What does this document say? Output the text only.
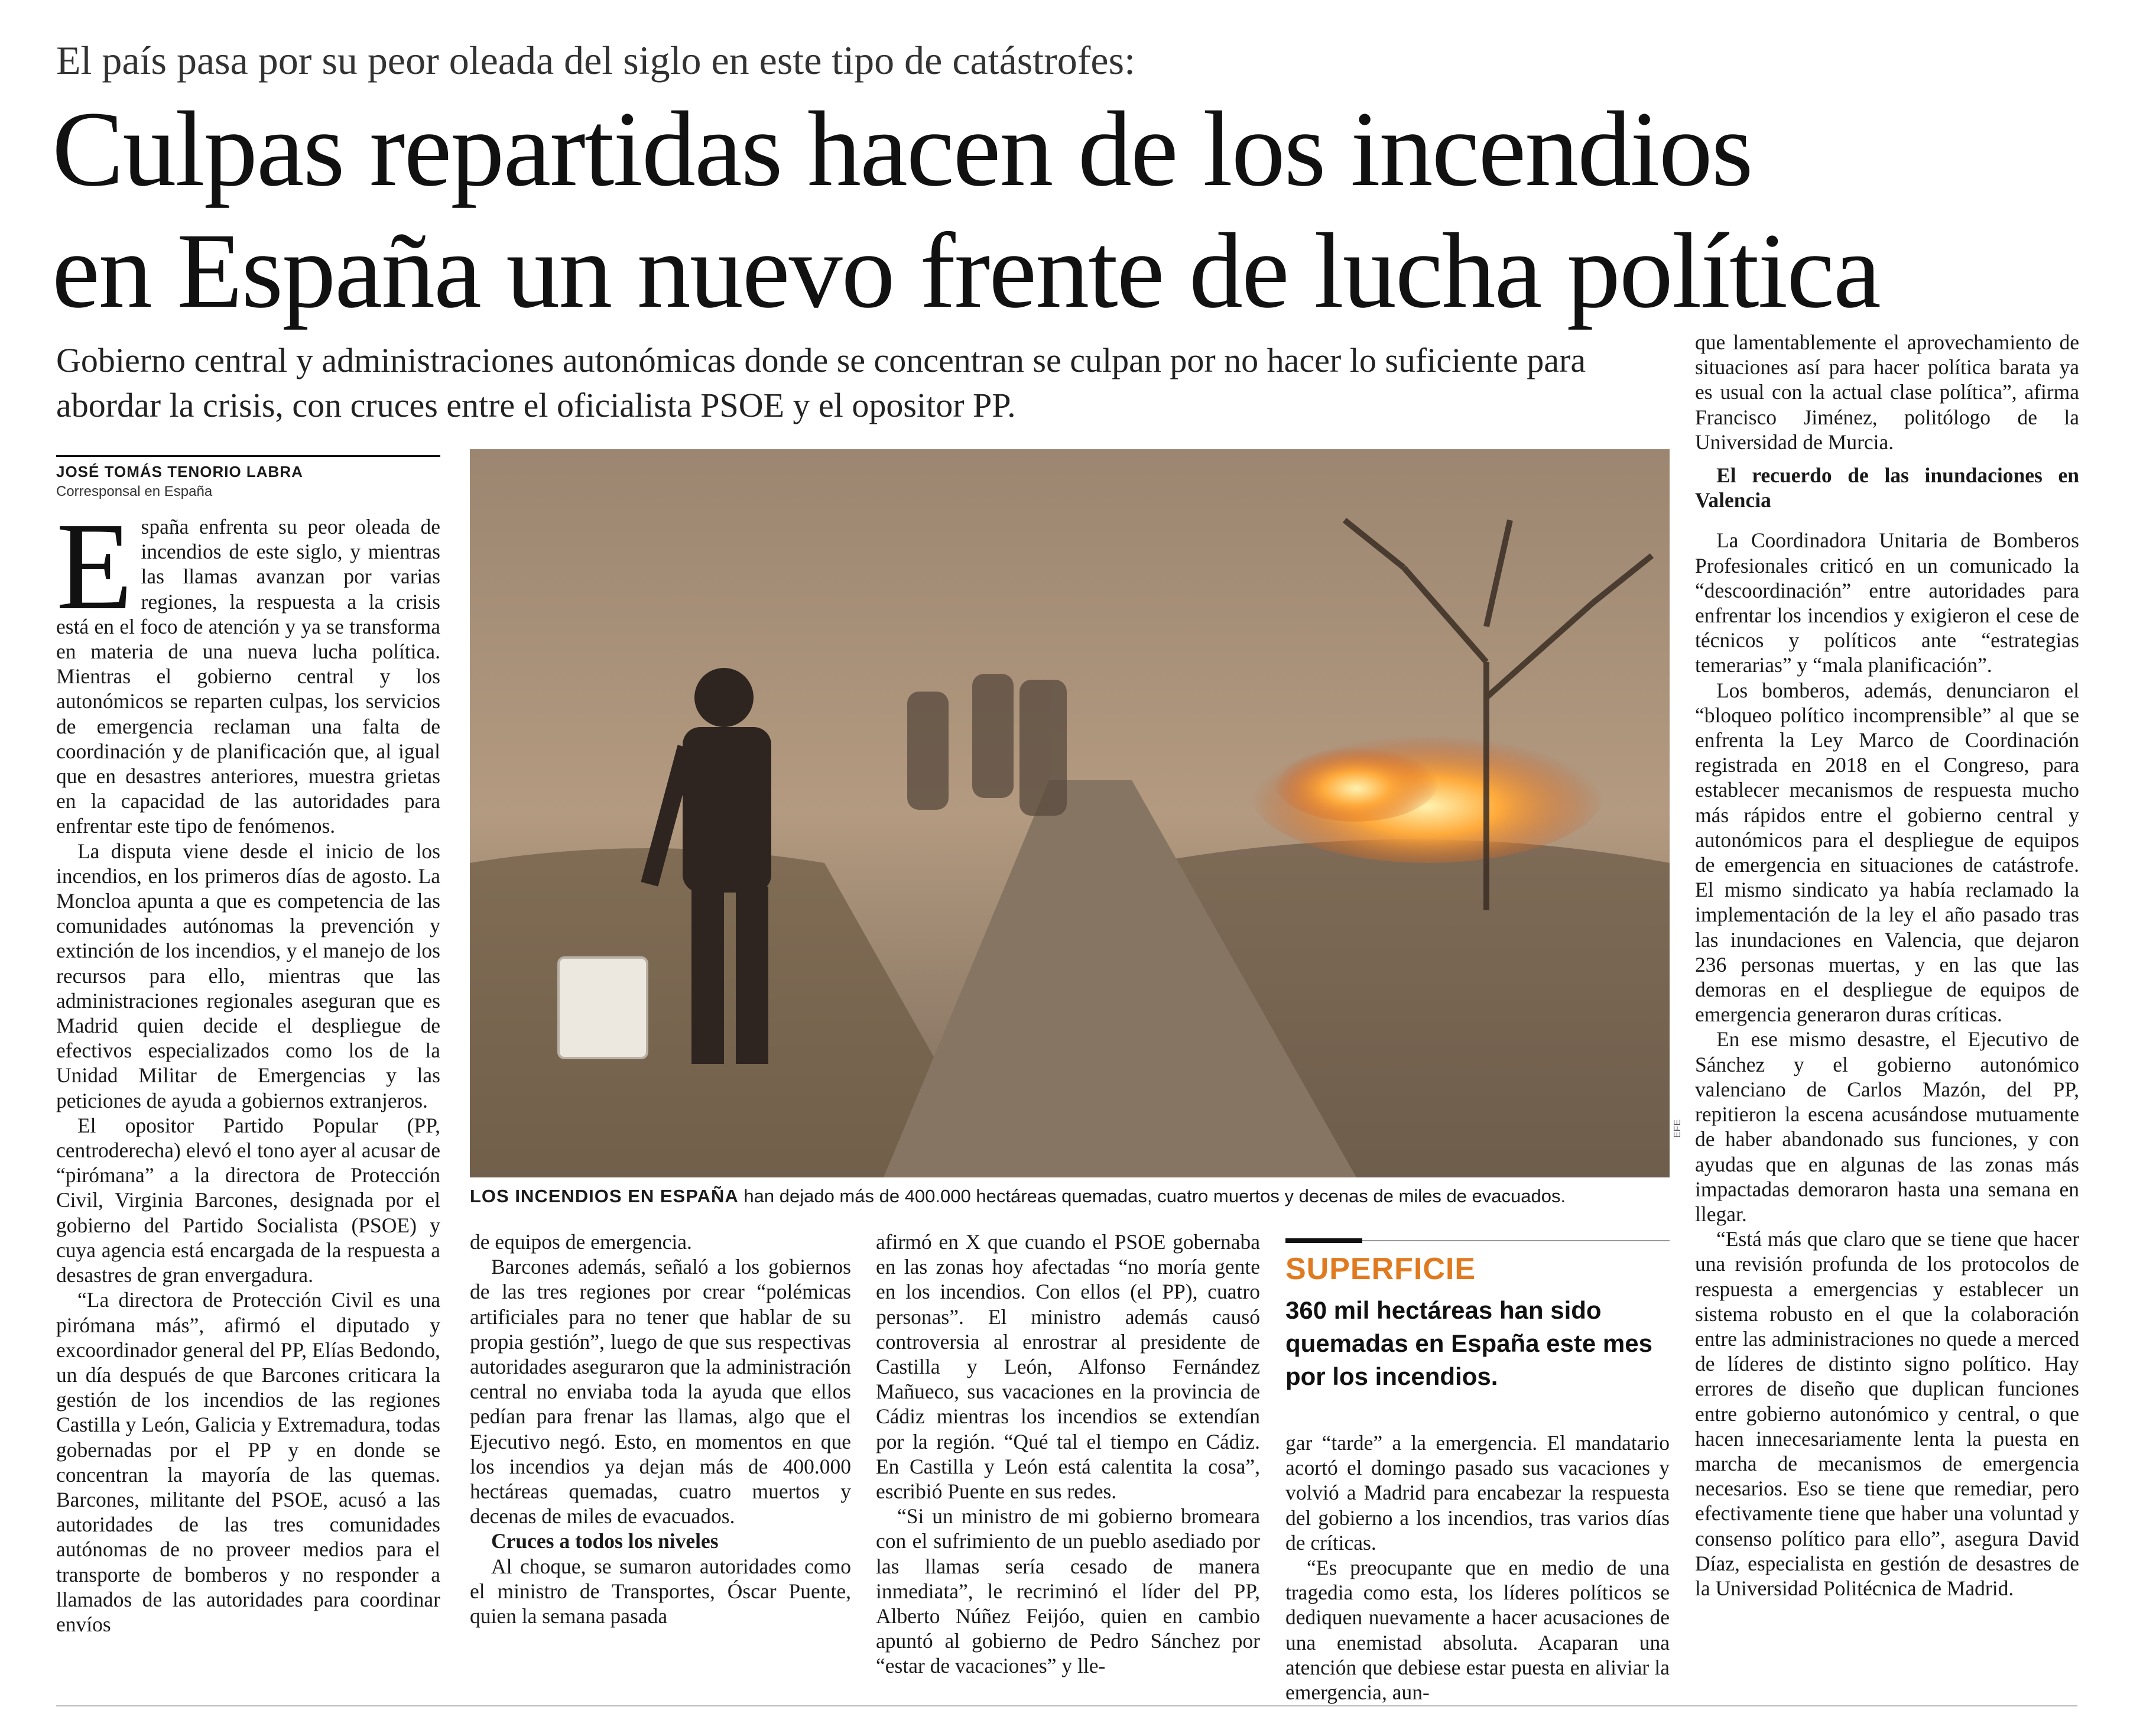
El país pasa por su peor oleada del siglo en este tipo de catástrofes:
Culpas repartidas hacen de los incendios
en España un nuevo frente de lucha política
Gobierno central y administraciones autonómicas donde se concentran se culpan por no hacer lo suficiente para abordar la crisis, con cruces entre el oficialista PSOE y el opositor PP.
JOSÉ TOMÁS TENORIO LABRA
Corresponsal en España

España enfrenta su peor oleada de incendios de este siglo, y mientras las llamas avanzan por varias regiones, la respuesta a la crisis está en el foco de atención y ya se transforma en materia de una nueva lucha política. Mientras el gobierno central y los autonómicos se reparten culpas, los servicios de emergencia reclaman una falta de coordinación y de planificación que, al igual que en desastres anteriores, muestra grietas en la capacidad de las autoridades para enfrentar este tipo de fenómenos.

La disputa viene desde el inicio de los incendios, en los primeros días de agosto. La Moncloa apunta a que es competencia de las comunidades autónomas la prevención y extinción de los incendios, y el manejo de los recursos para ello, mientras que las administraciones regionales aseguran que es Madrid quien decide el despliegue de efectivos especializados como los de la Unidad Militar de Emergencias y las peticiones de ayuda a gobiernos extranjeros.

El opositor Partido Popular (PP, centroderecha) elevó el tono ayer al acusar de “pirómana” a la directora de Protección Civil, Virginia Barcones, designada por el gobierno del Partido Socialista (PSOE) y cuya agencia está encargada de la respuesta a desastres de gran envergadura.

“La directora de Protección Civil es una pirómana más”, afirmó el diputado y excoordinador general del PP, Elías Bedondo, un día después de que Barcones criticara la gestión de los incendios de las regiones Castilla y León, Galicia y Extremadura, todas gobernadas por el PP y en donde se concentran la mayoría de las quemas. Barcones, militante del PSOE, acusó a las autoridades de las tres comunidades autónomas de no proveer medios para el transporte de bomberos y no responder a llamados de las autoridades para coordinar envíos

EFE
LOS INCENDIOS EN ESPAÑA han dejado más de 400.000 hectáreas quemadas, cuatro muertos y decenas de miles de evacuados.

de equipos de emergencia.

Barcones además, señaló a los gobiernos de las tres regiones por crear “polémicas artificiales para no tener que hablar de su propia gestión”, luego de que sus respectivas autoridades aseguraron que la administración central no enviaba toda la ayuda que ellos pedían para frenar las llamas, algo que el Ejecutivo negó. Esto, en momentos en que los incendios ya dejan más de 400.000 hectáreas quemadas, cuatro muertos y decenas de miles de evacuados.

Cruces a todos los niveles

Al choque, se sumaron autoridades como el ministro de Transportes, Óscar Puente, quien la semana pasada

afirmó en X que cuando el PSOE gobernaba en las zonas hoy afectadas “no moría gente en los incendios. Con ellos (el PP), cuatro personas”. El ministro además causó controversia al enrostrar al presidente de Castilla y León, Alfonso Fernández Mañueco, sus vacaciones en la provincia de Cádiz mientras los incendios se extendían por la región. “Qué tal el tiempo en Cádiz. En Castilla y León está calentita la cosa”, escribió Puente en sus redes.

“Si un ministro de mi gobierno bromeara con el sufrimiento de un pueblo asediado por las llamas sería cesado de manera inmediata”, le recriminó el líder del PP, Alberto Núñez Feijóo, quien en cambio apuntó al gobierno de Pedro Sánchez por “estar de vacaciones” y lle-

SUPERFICIE
360 mil hectáreas han sido quemadas en España este mes por los incendios.

gar “tarde” a la emergencia. El mandatario acortó el domingo pasado sus vacaciones y volvió a Madrid para encabezar la respuesta del gobierno a los incendios, tras varios días de críticas.

“Es preocupante que en medio de una tragedia como esta, los líderes políticos se dediquen nuevamente a hacer acusaciones de una enemistad absoluta. Acaparan una atención que debiese estar puesta en aliviar la emergencia, aun-

que lamentablemente el aprovechamiento de situaciones así para hacer política barata ya es usual con la actual clase política”, afirma Francisco Jiménez, politólogo de la Universidad de Murcia.

El recuerdo de las inundaciones en Valencia

La Coordinadora Unitaria de Bomberos Profesionales criticó en un comunicado la “descoordinación” entre autoridades para enfrentar los incendios y exigieron el cese de técnicos y políticos ante “estrategias temerarias” y “mala planificación”.

Los bomberos, además, denunciaron el “bloqueo político incomprensible” al que se enfrenta la Ley Marco de Coordinación registrada en 2018 en el Congreso, para establecer mecanismos de respuesta mucho más rápidos entre el gobierno central y autonómicos para el despliegue de equipos de emergencia en situaciones de catástrofe. El mismo sindicato ya había reclamado la implementación de la ley el año pasado tras las inundaciones en Valencia, que dejaron 236 personas muertas, y en las que las demoras en el despliegue de equipos de emergencia generaron duras críticas.

En ese mismo desastre, el Ejecutivo de Sánchez y el gobierno autonómico valenciano de Carlos Mazón, del PP, repitieron la escena acusándose mutuamente de haber abandonado sus funciones, y con ayudas que en algunas de las zonas más impactadas demoraron hasta una semana en llegar.

“Está más que claro que se tiene que hacer una revisión profunda de los protocolos de respuesta a emergencias y establecer un sistema robusto en el que la colaboración entre las administraciones no quede a merced de líderes de distinto signo político. Hay errores de diseño que duplican funciones entre gobierno autonómico y central, o que hacen innecesariamente lenta la puesta en marcha de mecanismos de emergencia necesarios. Eso se tiene que remediar, pero efectivamente tiene que haber una voluntad y consenso político para ello”, asegura David Díaz, especialista en gestión de desastres de la Universidad Politécnica de Madrid.
